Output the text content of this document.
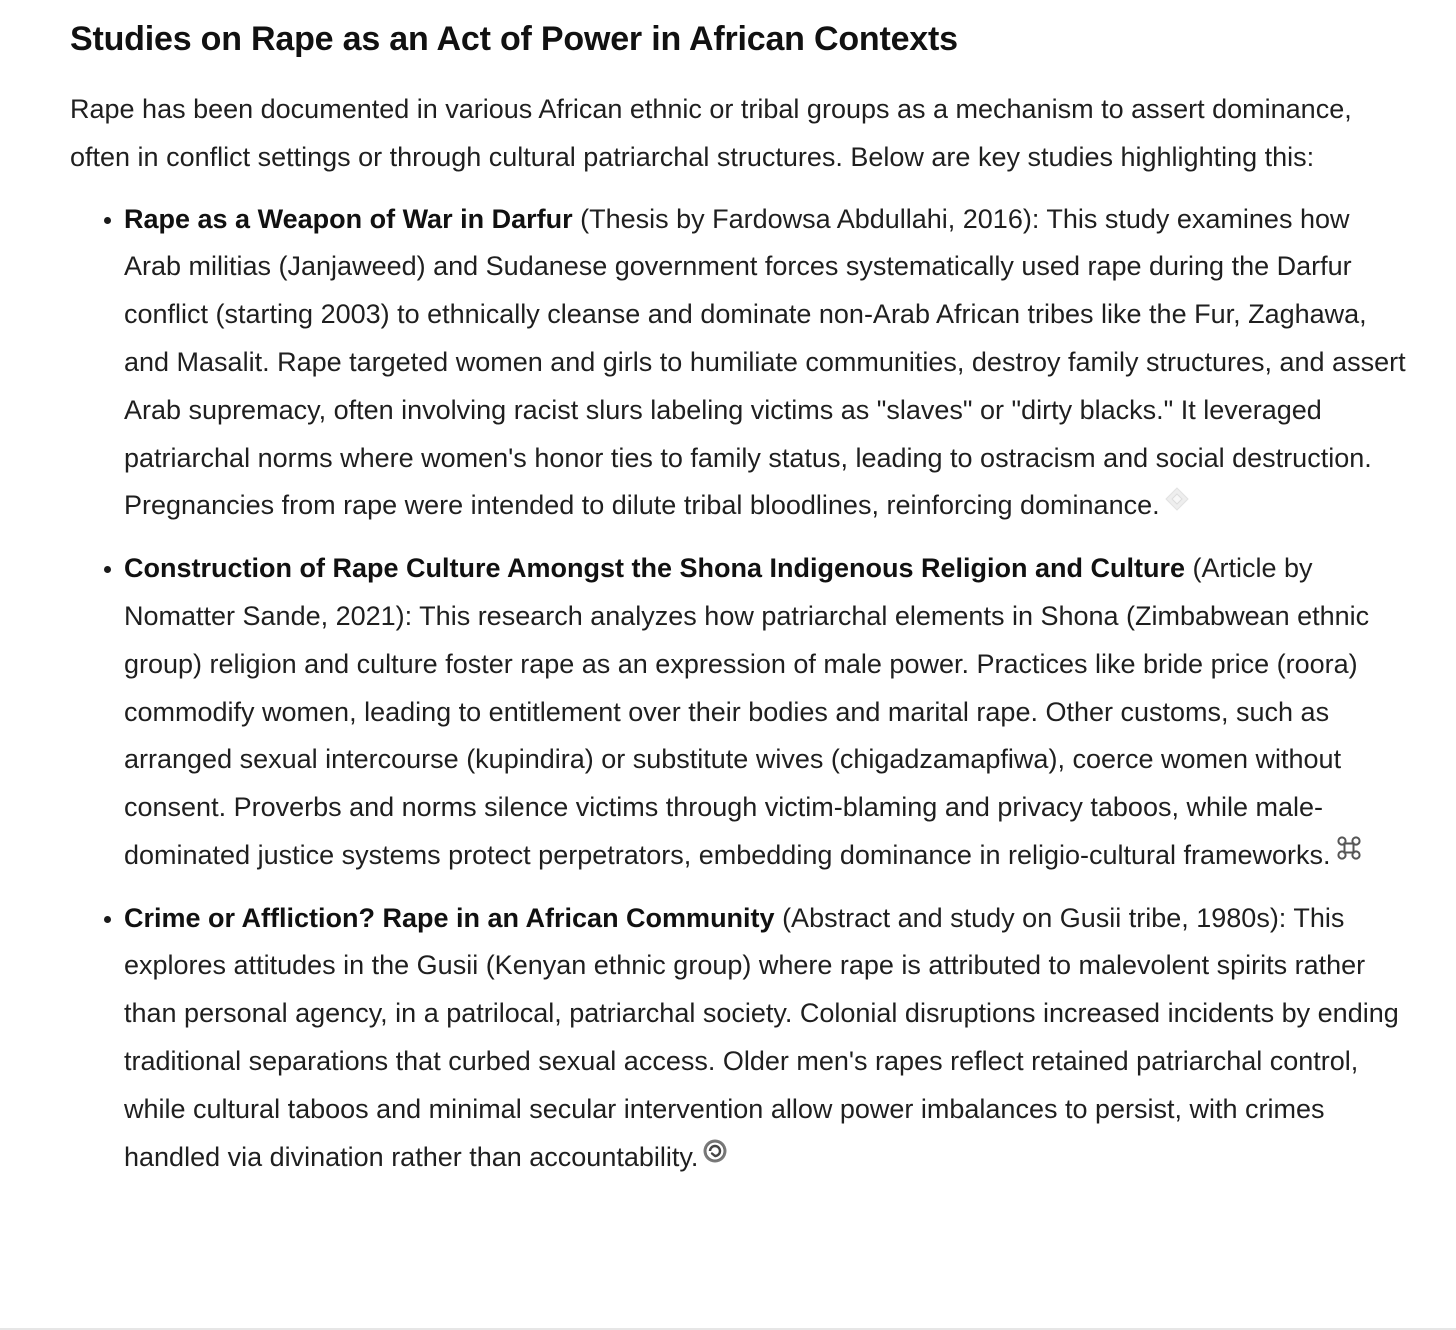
Studies on Rape as an Act of Power in African Contexts

Rape has been documented in various African ethnic or tribal groups as a mechanism to assert dominance, often in conflict settings or through cultural patriarchal structures. Below are key studies highlighting this:

Rape as a Weapon of War in Darfur (Thesis by Fardowsa Abdullahi, 2016): This study examines how Arab militias (Janjaweed) and Sudanese government forces systematically used rape during the Darfur conflict (starting 2003) to ethnically cleanse and dominate non-Arab African tribes like the Fur, Zaghawa, and Masalit. Rape targeted women and girls to humiliate communities, destroy family structures, and assert Arab supremacy, often involving racist slurs labeling victims as "slaves" or "dirty blacks." It leveraged patriarchal norms where women's honor ties to family status, leading to ostracism and social destruction. Pregnancies from rape were intended to dilute tribal bloodlines, reinforcing dominance.
Construction of Rape Culture Amongst the Shona Indigenous Religion and Culture (Article by Nomatter Sande, 2021): This research analyzes how patriarchal elements in Shona (Zimbabwean ethnic group) religion and culture foster rape as an expression of male power. Practices like bride price (roora) commodify women, leading to entitlement over their bodies and marital rape. Other customs, such as arranged sexual intercourse (kupindira) or substitute wives (chigadzamapfiwa), coerce women without consent. Proverbs and norms silence victims through victim-blaming and privacy taboos, while male-dominated justice systems protect perpetrators, embedding dominance in religio-cultural frameworks.
Crime or Affliction? Rape in an African Community (Abstract and study on Gusii tribe, 1980s): This explores attitudes in the Gusii (Kenyan ethnic group) where rape is attributed to malevolent spirits rather than personal agency, in a patrilocal, patriarchal society. Colonial disruptions increased incidents by ending traditional separations that curbed sexual access. Older men's rapes reflect retained patriarchal control, while cultural taboos and minimal secular intervention allow power imbalances to persist, with crimes handled via divination rather than accountability.
